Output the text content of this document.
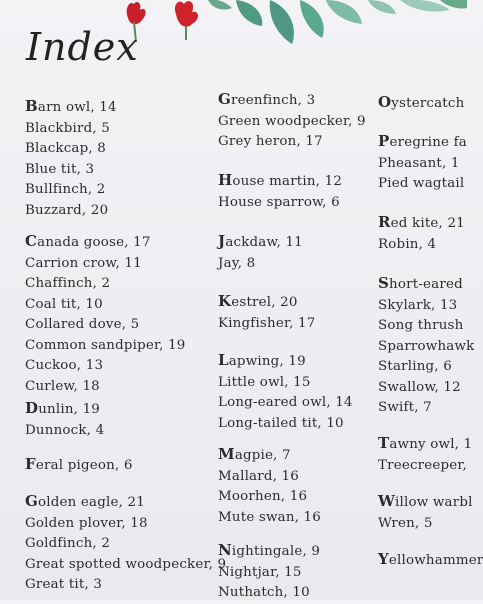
Index
Barn owl, 14
Blackbird, 5
Blackcap, 8
Blue tit, 3
Bullfinch, 2
Buzzard, 20
Canada goose, 17
Carrion crow, 11
Chaffinch, 2
Coal tit, 10
Collared dove, 5
Common sandpiper, 19
Cuckoo, 13
Curlew, 18
Dunlin, 19
Dunnock, 4
Feral pigeon, 6
Golden eagle, 21
Golden plover, 18
Goldfinch, 2
Great spotted woodpecker, 9
Great tit, 3
Greenfinch, 3
Green woodpecker, 9
Grey heron, 17
House martin, 12
House sparrow, 6
Jackdaw, 11
Jay, 8
Kestrel, 20
Kingfisher, 17
Lapwing, 19
Little owl, 15
Long-eared owl, 14
Long-tailed tit, 10
Magpie, 7
Mallard, 16
Moorhen, 16
Mute swan, 16
Nightingale, 9
Nightjar, 15
Nuthatch, 10
Oystercatch
Peregrine fa
Pheasant, 1
Pied wagtail
Red kite, 21
Robin, 4
Short-eared
Skylark, 13
Song thrush
Sparrowhawk
Starling, 6
Swallow, 12
Swift, 7
Tawny owl, 1
Treecreeper,
Willow warbl
Wren, 5
Yellowhammer
